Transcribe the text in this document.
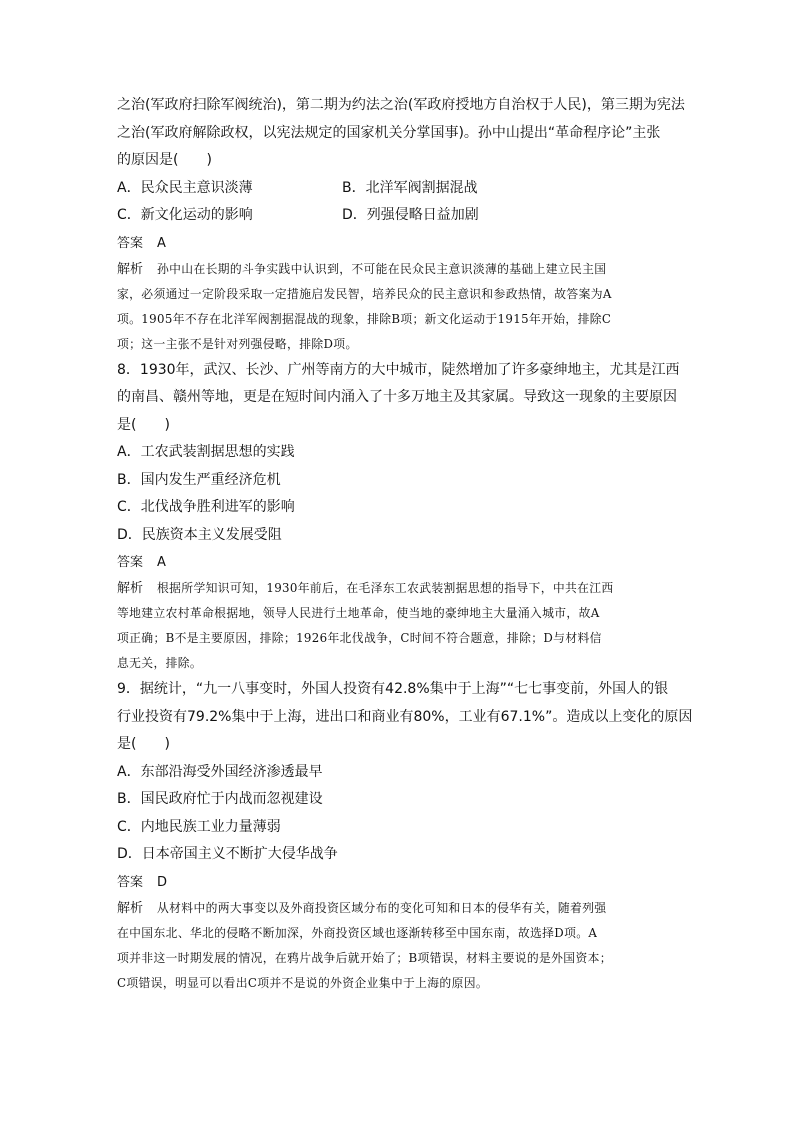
之治(军政府扫除军阀统治)，第二期为约法之治(军政府授地方自治权于人民)，第三期为宪法
之治(军政府解除政权，以宪法规定的国家机关分掌国事)。孙中山提出“革命程序论”主张
的原因是(　　)
A．民众民主意识淡薄	B．北洋军阀割据混战
C．新文化运动的影响	D．列强侵略日益加剧
答案 A
解析 孙中山在长期的斗争实践中认识到，不可能在民众民主意识淡薄的基础上建立民主国
家，必须通过一定阶段采取一定措施启发民智，培养民众的民主意识和参政热情，故答案为A
项。1905年不存在北洋军阀割据混战的现象，排除B项；新文化运动于1915年开始，排除C
项；这一主张不是针对列强侵略，排除D项。
8．1930年，武汉、长沙、广州等南方的大中城市，陡然增加了许多豪绅地主，尤其是江西
的南昌、赣州等地，更是在短时间内涌入了十多万地主及其家属。导致这一现象的主要原因
是(　　)
A．工农武装割据思想的实践
B．国内发生严重经济危机
C．北伐战争胜利进军的影响
D．民族资本主义发展受阻
答案 A
解析 根据所学知识可知，1930年前后，在毛泽东工农武装割据思想的指导下，中共在江西
等地建立农村革命根据地，领导人民进行土地革命，使当地的豪绅地主大量涌入城市，故A
项正确；B不是主要原因，排除；1926年北伐战争，C时间不符合题意，排除；D与材料信
息无关，排除。
9．据统计，“九一八事变时，外国人投资有42.8%集中于上海”“七七事变前，外国人的银
行业投资有79.2%集中于上海，进出口和商业有80%，工业有67.1%”。造成以上变化的原因
是(　　)
A．东部沿海受外国经济渗透最早
B．国民政府忙于内战而忽视建设
C．内地民族工业力量薄弱
D．日本帝国主义不断扩大侵华战争
答案 D
解析 从材料中的两大事变以及外商投资区域分布的变化可知和日本的侵华有关，随着列强
在中国东北、华北的侵略不断加深，外商投资区域也逐渐转移至中国东南，故选择D项。A
项并非这一时期发展的情况，在鸦片战争后就开始了；B项错误，材料主要说的是外国资本；
C项错误，明显可以看出C项并不是说的外资企业集中于上海的原因。
